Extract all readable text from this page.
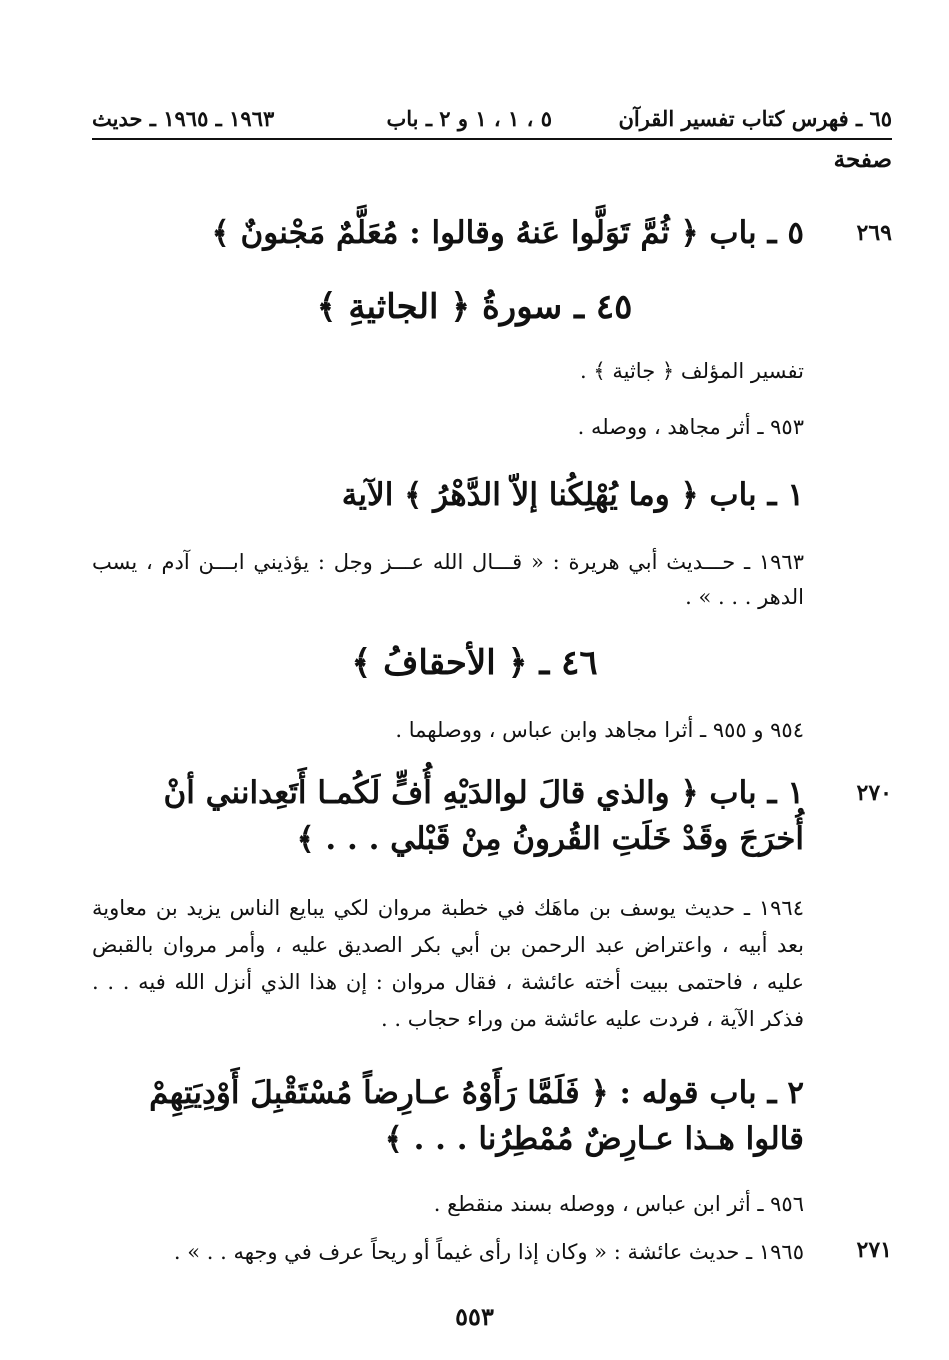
٦٥ ـ فهرس كتاب تفسير القرآن
٥ ، ١ ، ١ و ٢ ـ باب
١٩٦٣ ـ ١٩٦٥ ـ حديث
صفحة
٢٦٩
٥ ـ باب ﴿ ثُمَّ تَوَلَّوا عَنهُ وقالوا : مُعَلَّمٌ مَجْنونٌ ﴾
٤٥ ـ سورةُ ﴿ الجاثيةِ ﴾
تفسير المؤلف ﴿ جاثية ﴾ .
٩٥٣ ـ أثر مجاهد ، ووصله .
١ ـ باب ﴿ وما يُهْلِكُنا إلاّ الدَّهْرُ ﴾ الآية
١٩٦٣ ـ حـــديث أبي هريرة : « قـــال الله عـــز وجل : يؤذيني ابـــن آدم ، يسب الدهر . . . » .
٤٦ ـ ﴿ الأحقافُ ﴾
٩٥٤ و ٩٥٥ ـ أثرا مجاهد وابن عباس ، ووصلهما .
٢٧٠
١ ـ باب ﴿ والذي قالَ لوالدَيْهِ أُفٍّ لَكُمـا أَتَعِدانني أنْ أُخرَجَ وقَدْ خَلَتِ القُرونُ مِنْ قَبْلي . . . ﴾
١٩٦٤ ـ حديث يوسف بن ماهَك في خطبة مروان لكي يبايع الناس يزيد بن معاوية بعد أبيه ، واعتراض عبد الرحمن بن أبي بكر الصديق عليه ، وأمر مروان بالقبض عليه ، فاحتمى ببيت أخته عائشة ، فقال مروان : إن هذا الذي أنزل الله فيه . . . فذكر الآية ، فردت عليه عائشة من وراء حجاب . .
٢ ـ باب قوله : ﴿ فَلَمَّا رَأَوْهُ عـارِضاً مُسْتَقْبِلَ أَوْدِيَتِهِمْ قالوا هـذا عـارِضٌ مُمْطِرُنا . . . ﴾
٩٥٦ ـ أثر ابن عباس ، ووصله بسند منقطع .
٢٧١
١٩٦٥ ـ حديث عائشة : « وكان إذا رأى غيماً أو ريحاً عرف في وجهه . . » .
٥٥٣
